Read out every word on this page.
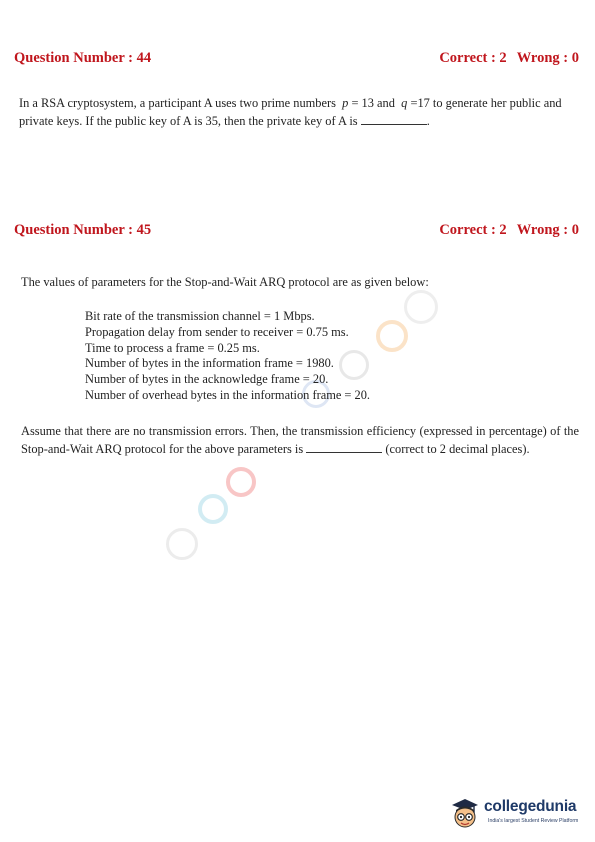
Question Number : 44	Correct : 2 Wrong : 0
In a RSA cryptosystem, a participant A uses two prime numbers p = 13 and q =17 to generate her public and private keys. If the public key of A is 35, then the private key of A is	.
Question Number : 45	Correct : 2 Wrong : 0
The values of parameters for the Stop-and-Wait ARQ protocol are as given below:
Bit rate of the transmission channel = 1 Mbps.
Propagation delay from sender to receiver = 0.75 ms.
Time to process a frame = 0.25 ms.
Number of bytes in the information frame = 1980.
Number of bytes in the acknowledge frame = 20.
Number of overhead bytes in the information frame = 20.
Assume that there are no transmission errors. Then, the transmission efficiency (expressed in percentage) of the Stop-and-Wait ARQ protocol for the above parameters is	(correct to 2 decimal places).
collegedunia
India's largest Student Review Platform
